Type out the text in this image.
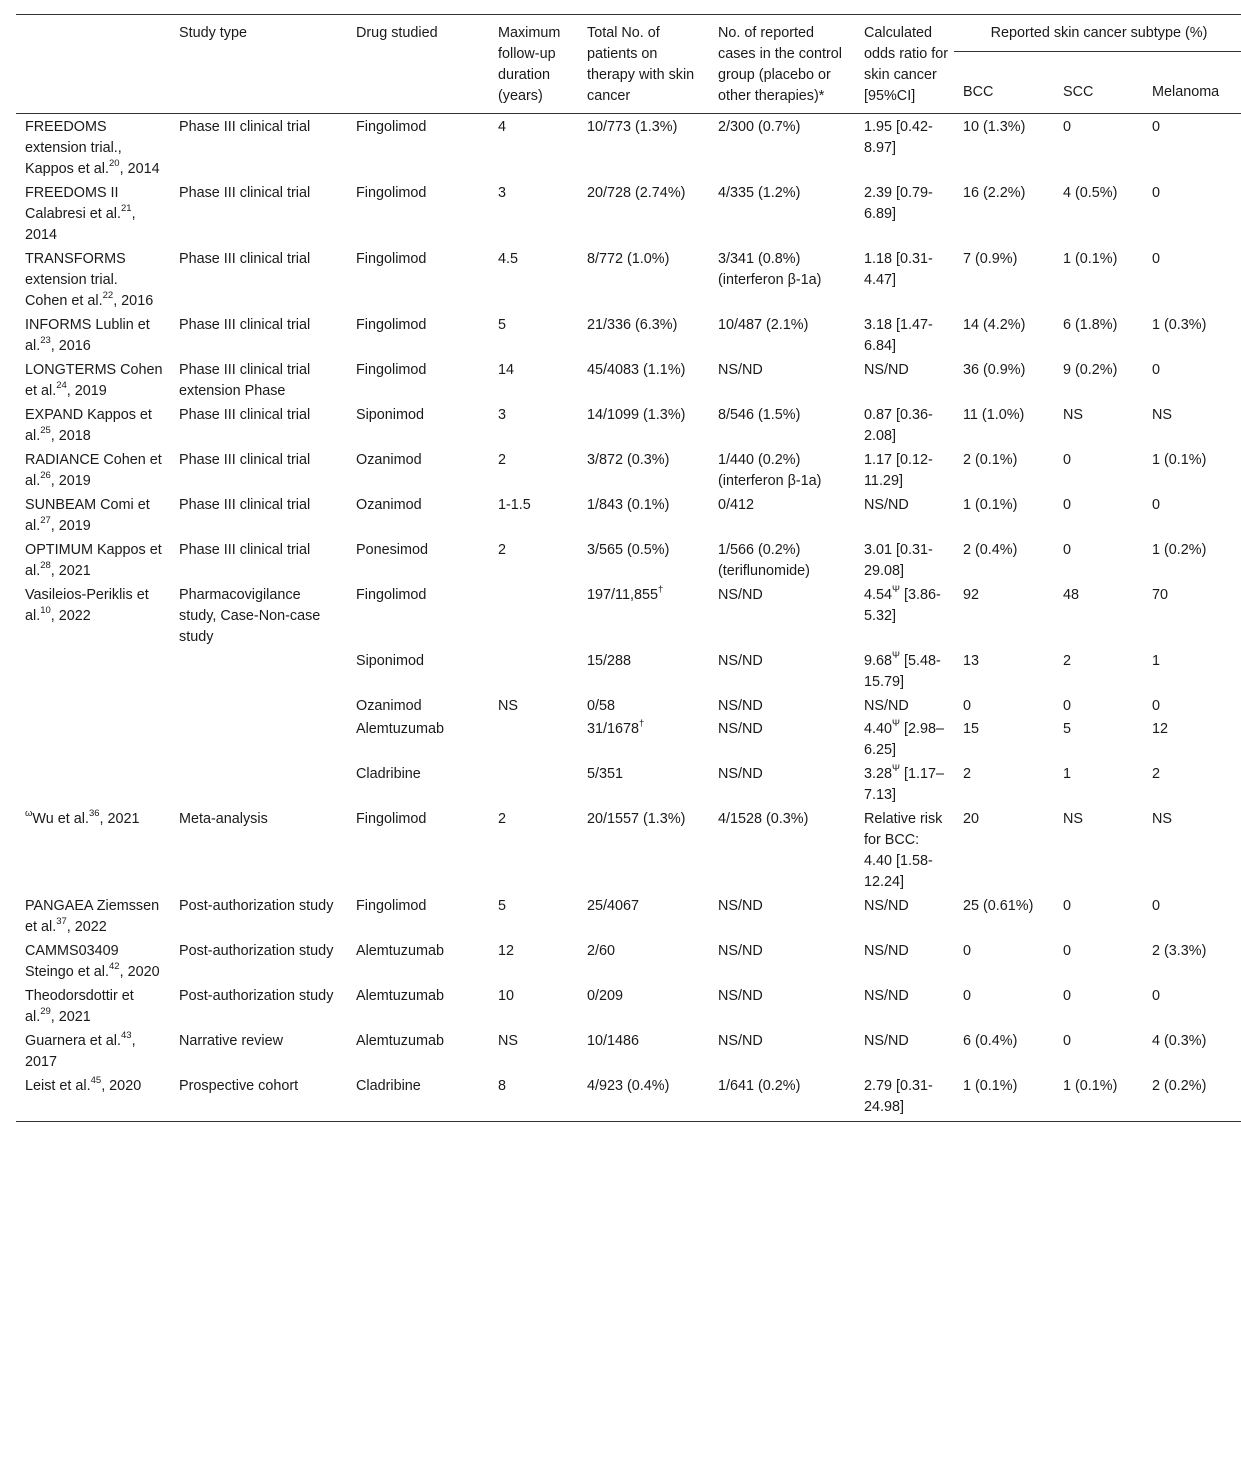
	Study type	Drug studied	Maximum follow-up duration (years)	Total No. of patients on therapy with skin cancer	No. of reported cases in the control group (placebo or other therapies)*	Calculated odds ratio for skin cancer [95%CI]	Reported skin cancer subtype (%)		

							BCC	SCC	Melanoma
FREEDOMS extension trial., Kappos et al.$^{20}$, 2014	Phase III clinical trial	Fingolimod	4	10/773 (1.3%)	2/300 (0.7%)	1.95 [0.42-8.97]	10 (1.3%)	0	0
FREEDOMS II Calabresi et al.$^{21}$, 2014	Phase III clinical trial	Fingolimod	3	20/728 (2.74%)	4/335 (1.2%)	2.39 [0.79-6.89]	16 (2.2%)	4 (0.5%)	0
TRANSFORMS extension trial. Cohen et al.$^{22}$, 2016	Phase III clinical trial	Fingolimod	4.5	8/772 (1.0%)	3/341 (0.8%) (interferon β-1a)	1.18 [0.31-4.47]	7 (0.9%)	1 (0.1%)	0
INFORMS Lublin et al.$^{23}$, 2016	Phase III clinical trial	Fingolimod	5	21/336 (6.3%)	10/487 (2.1%)	3.18 [1.47-6.84]	14 (4.2%)	6 (1.8%)	1 (0.3%)
LONGTERMS Cohen et al.$^{24}$, 2019	Phase III clinical trial extension Phase	Fingolimod	14	45/4083 (1.1%)	NS/ND	NS/ND	36 (0.9%)	9 (0.2%)	0
EXPAND Kappos et al.$^{25}$, 2018	Phase III clinical trial	Siponimod	3	14/1099 (1.3%)	8/546 (1.5%)	0.87 [0.36-2.08]	11 (1.0%)	NS	NS
RADIANCE Cohen et al.$^{26}$, 2019	Phase III clinical trial	Ozanimod	2	3/872 (0.3%)	1/440 (0.2%) (interferon β-1a)	1.17 [0.12-11.29]	2 (0.1%)	0	1 (0.1%)
SUNBEAM Comi et al.$^{27}$, 2019	Phase III clinical trial	Ozanimod	1-1.5	1/843 (0.1%)	0/412	NS/ND	1 (0.1%)	0	0
OPTIMUM Kappos et al.$^{28}$, 2021	Phase III clinical trial	Ponesimod	2	3/565 (0.5%)	1/566 (0.2%) (teriflunomide)	3.01 [0.31-29.08]	2 (0.4%)	0	1 (0.2%)
Vasileios-Periklis et al.$^{10}$, 2022	Pharmacovigilance study, Case-Non-case study	Fingolimod		197/11,855†	NS/ND	$4.54^\Psi$ [3.86-5.32]	92	48	70
		Siponimod		15/288	NS/ND	$9.68^\Psi$ [5.48-15.79]	13	2	1
		Ozanimod	NS	0/58	NS/ND	NS/ND	0	0	0
		Alemtuzumab		31/1678†	NS/ND	$4.40^\Psi$ [2.98–6.25]	15	5	12
		Cladribine		5/351	NS/ND	$3.28^\Psi$ [1.17–7.13]	2	1	2
$^\omega$Wu et al.$^{36}$, 2021	Meta-analysis	Fingolimod	2	20/1557 (1.3%)	4/1528 (0.3%)	Relative risk for BCC: 4.40 [1.58-12.24]	20	NS	NS
PANGAEA Ziemssen et al.$^{37}$, 2022	Post-authorization study	Fingolimod	5	25/4067	NS/ND	NS/ND	25 (0.61%)	0	0
CAMMS03409 Steingo et al.$^{42}$, 2020	Post-authorization study	Alemtuzumab	12	2/60	NS/ND	NS/ND	0	0	2 (3.3%)
Theodorsdottir et al.$^{29}$, 2021	Post-authorization study	Alemtuzumab	10	0/209	NS/ND	NS/ND	0	0	0
Guarnera et al.$^{43}$, 2017	Narrative review	Alemtuzumab	NS	10/1486	NS/ND	NS/ND	6 (0.4%)	0	4 (0.3%)
Leist et al.$^{45}$, 2020	Prospective cohort	Cladribine	8	4/923 (0.4%)	1/641 (0.2%)	2.79 [0.31-24.98]	1 (0.1%)	1 (0.1%)	2 (0.2%)
